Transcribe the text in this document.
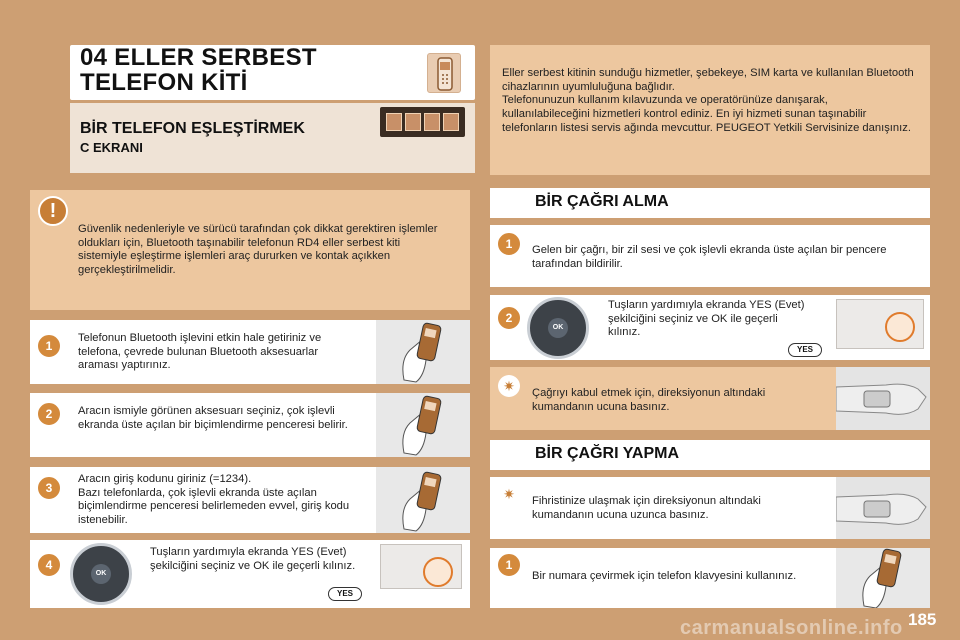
04 ELLER SERBEST
TELEFON KİTİ
BİR TELEFON EŞLEŞTİRMEK
C EKRANI

Eller serbest kitinin sunduğu hizmetler, şebekeye, SIM karta ve kullanılan Bluetooth cihazlarının uyumluluğuna bağlıdır.
Telefonunuzun kullanım kılavuzunda ve operatörünüze danışarak, kullanılabileceğini hizmetleri kontrol ediniz. En iyi hizmeti sunan taşınabilir telefonların listesi servis ağında mevcuttur. PEUGEOT Yetkili Servisinize danışınız.

!

Güvenlik nedenleriyle ve sürücü tarafından çok dikkat gerektiren işlemler oldukları için, Bluetooth taşınabilir telefonun RD4 eller serbest kiti sistemiyle eşleştirme işlemleri araç dururken ve kontak açıkken gerçekleştirilmelidir.

1
Telefonun Bluetooth işlevini etkin hale getiriniz ve telefona, çevrede bulunan Bluetooth aksesuarlar araması yaptırınız.
2	Aracın ismiyle görünen aksesuarı seçiniz, çok işlevli ekranda üste açılan bir biçimlendirme penceresi belirir.
3
Aracın giriş kodunu giriniz (=1234).
Bazı telefonlarda, çok işlevli ekranda üste açılan biçimlendirme penceresi belirlemeden evvel, giriş kodu istenebilir.
4
OK
Tuşların yardımıyla ekranda YES (Evet) şekilciğini seçiniz ve OK ile geçerli kılınız.
YES
BİR ÇAĞRI ALMA
1	Gelen bir çağrı, bir zil sesi ve çok işlevli ekranda üste açılan bir pencere tarafından bildirilir.
2
OK
Tuşların yardımıyla ekranda YES (Evet) şekilciğini seçiniz ve OK ile geçerli kılınız.
YES
✷	Çağrıyı kabul etmek için, direksiyonun altındaki kumandanın ucuna basınız.
BİR ÇAĞRI YAPMA
✷	Fihristinize ulaşmak için direksiyonun altındaki kumandanın ucuna uzunca basınız.
1
Bir numara çevirmek için telefon klavyesini kullanınız.
carmanualsonline.info 185
